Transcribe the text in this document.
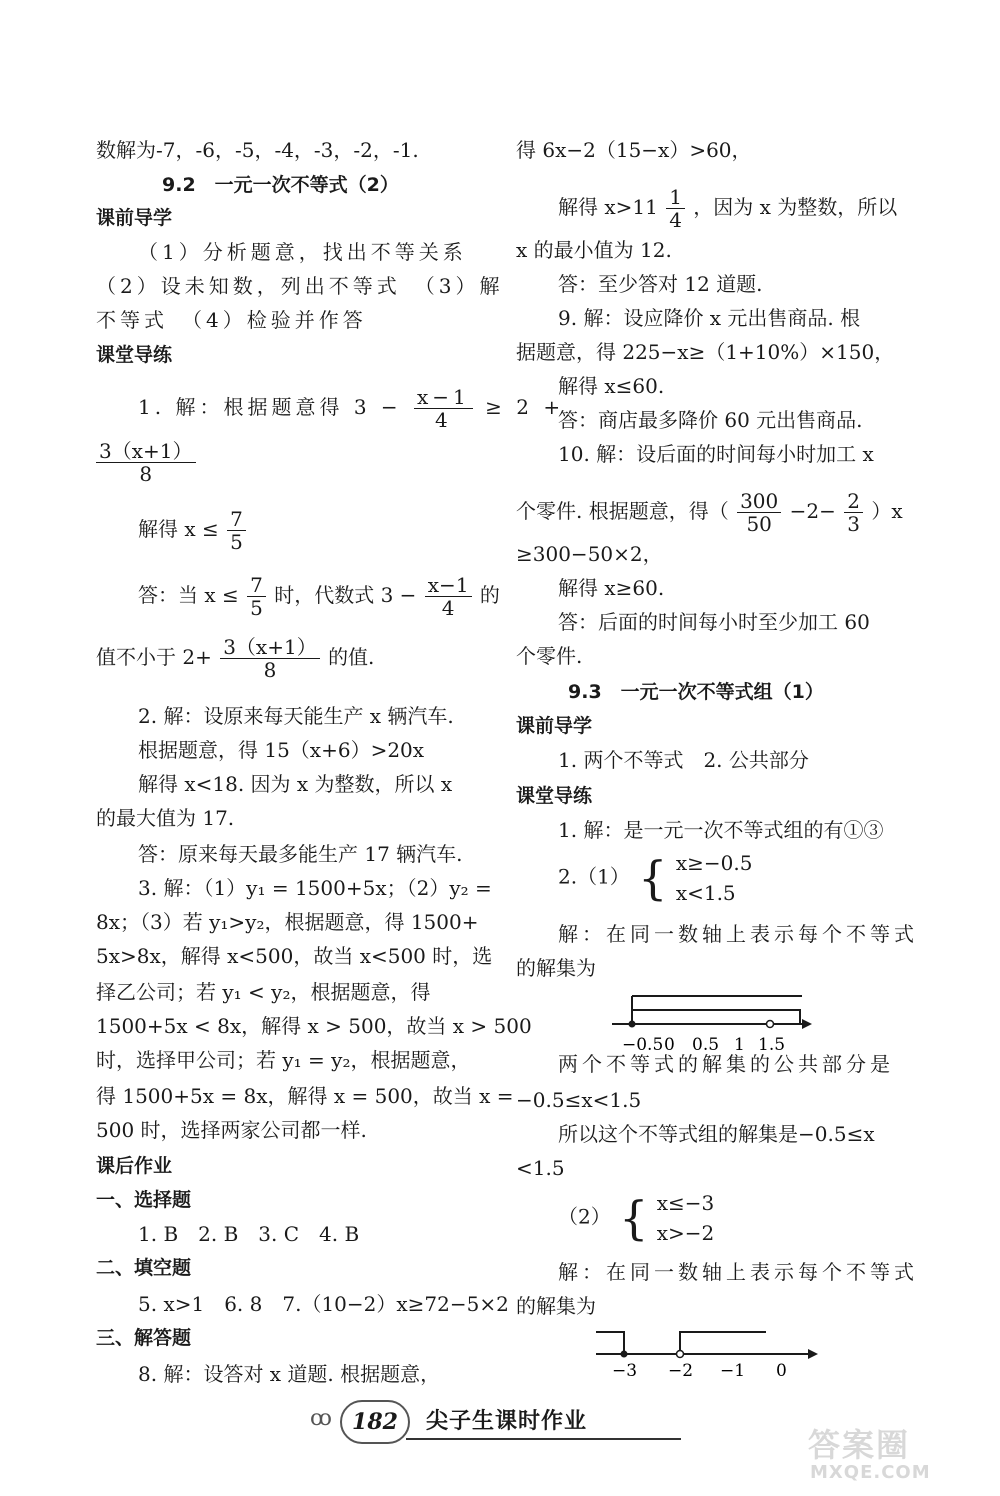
数解为-7，-6，-5，-4，-3，-2，-1.
9.2　一元一次不等式（2）
课前导学
（1）分析题意，找出不等关系
（2）设未知数，列出不等式　（3）解
不等式　（4）检验并作答
课堂导练
1. 解：根据题意得 $3 - \frac{x-1}{4} \ge 2$ +
$\frac{3(x+1)}{8}$
解得 $x \le \frac{7}{5}$
答：当 $x \le \frac{7}{5}$ 时，代数式 $3 - \frac{x-1}{4}$ 的
值不小于 $2+ \frac{3(x+1)}{8}$ 的值.
2. 解：设原来每天能生产 x 辆汽车.
根据题意，得 15（x+6）>20x
解得 x<18. 因为 x 为整数，所以 x
的最大值为 17.
答：原来每天最多能生产 17 辆汽车.
3. 解：（1）y₁ = 1500+5x；（2）y₂ =
8x；（3）若 y₁>y₂，根据题意，得 1500+
5x>8x，解得 x<500，故当 x<500 时，选
择乙公司；若 y₁ < y₂，根据题意，得
1500+5x < 8x，解得 x > 500，故当 x > 500
时，选择甲公司；若 y₁ = y₂，根据题意，
得 1500+5x = 8x，解得 x = 500，故当 x =
500 时，选择两家公司都一样.
课后作业
一、选择题
1. B　2. B　3. C　4. B
二、填空题
5. x>1　6. 8　7.（10−2）x≥72−5×2
三、解答题
8. 解：设答对 x 道题. 根据题意，
得 6x−2（15−x）>60，
解得 $x>11 \frac{1}{4}$ ，因为 x 为整数，所以
x 的最小值为 12.
答：至少答对 12 道题.
9. 解：设应降价 x 元出售商品. 根
据题意，得 225−x≥（1+10%）×150，
解得 x≤60.
答：商店最多降价 60 元出售商品.
10. 解：设后面的时间每小时加工 x
个零件. 根据题意，得（ $\frac{300}{50} -2- \frac{2}{3} )x$
≥300−50×2，
解得 x≥60.
答：后面的时间每小时至少加工 60
个零件.
9.3　一元一次不等式组（1）
课前导学
1. 两个不等式　2. 公共部分
课堂导练
1. 解：是一元一次不等式组的有①③
2.（1） { x≥−0.5
x<1.5
解：在同一数轴上表示每个不等式
的解集为
−0.5 0 0.5 1 1.5
两个不等式的解集的公共部分是
−0.5≤x<1.5
所以这个不等式组的解集是−0.5≤x
<1.5
（2） { x≤−3
x>−2
解：在同一数轴上表示每个不等式
的解集为
−3 −2 −1 0
ꝏ 182	尖子生课时作业
答案圈
MXQE.COM
